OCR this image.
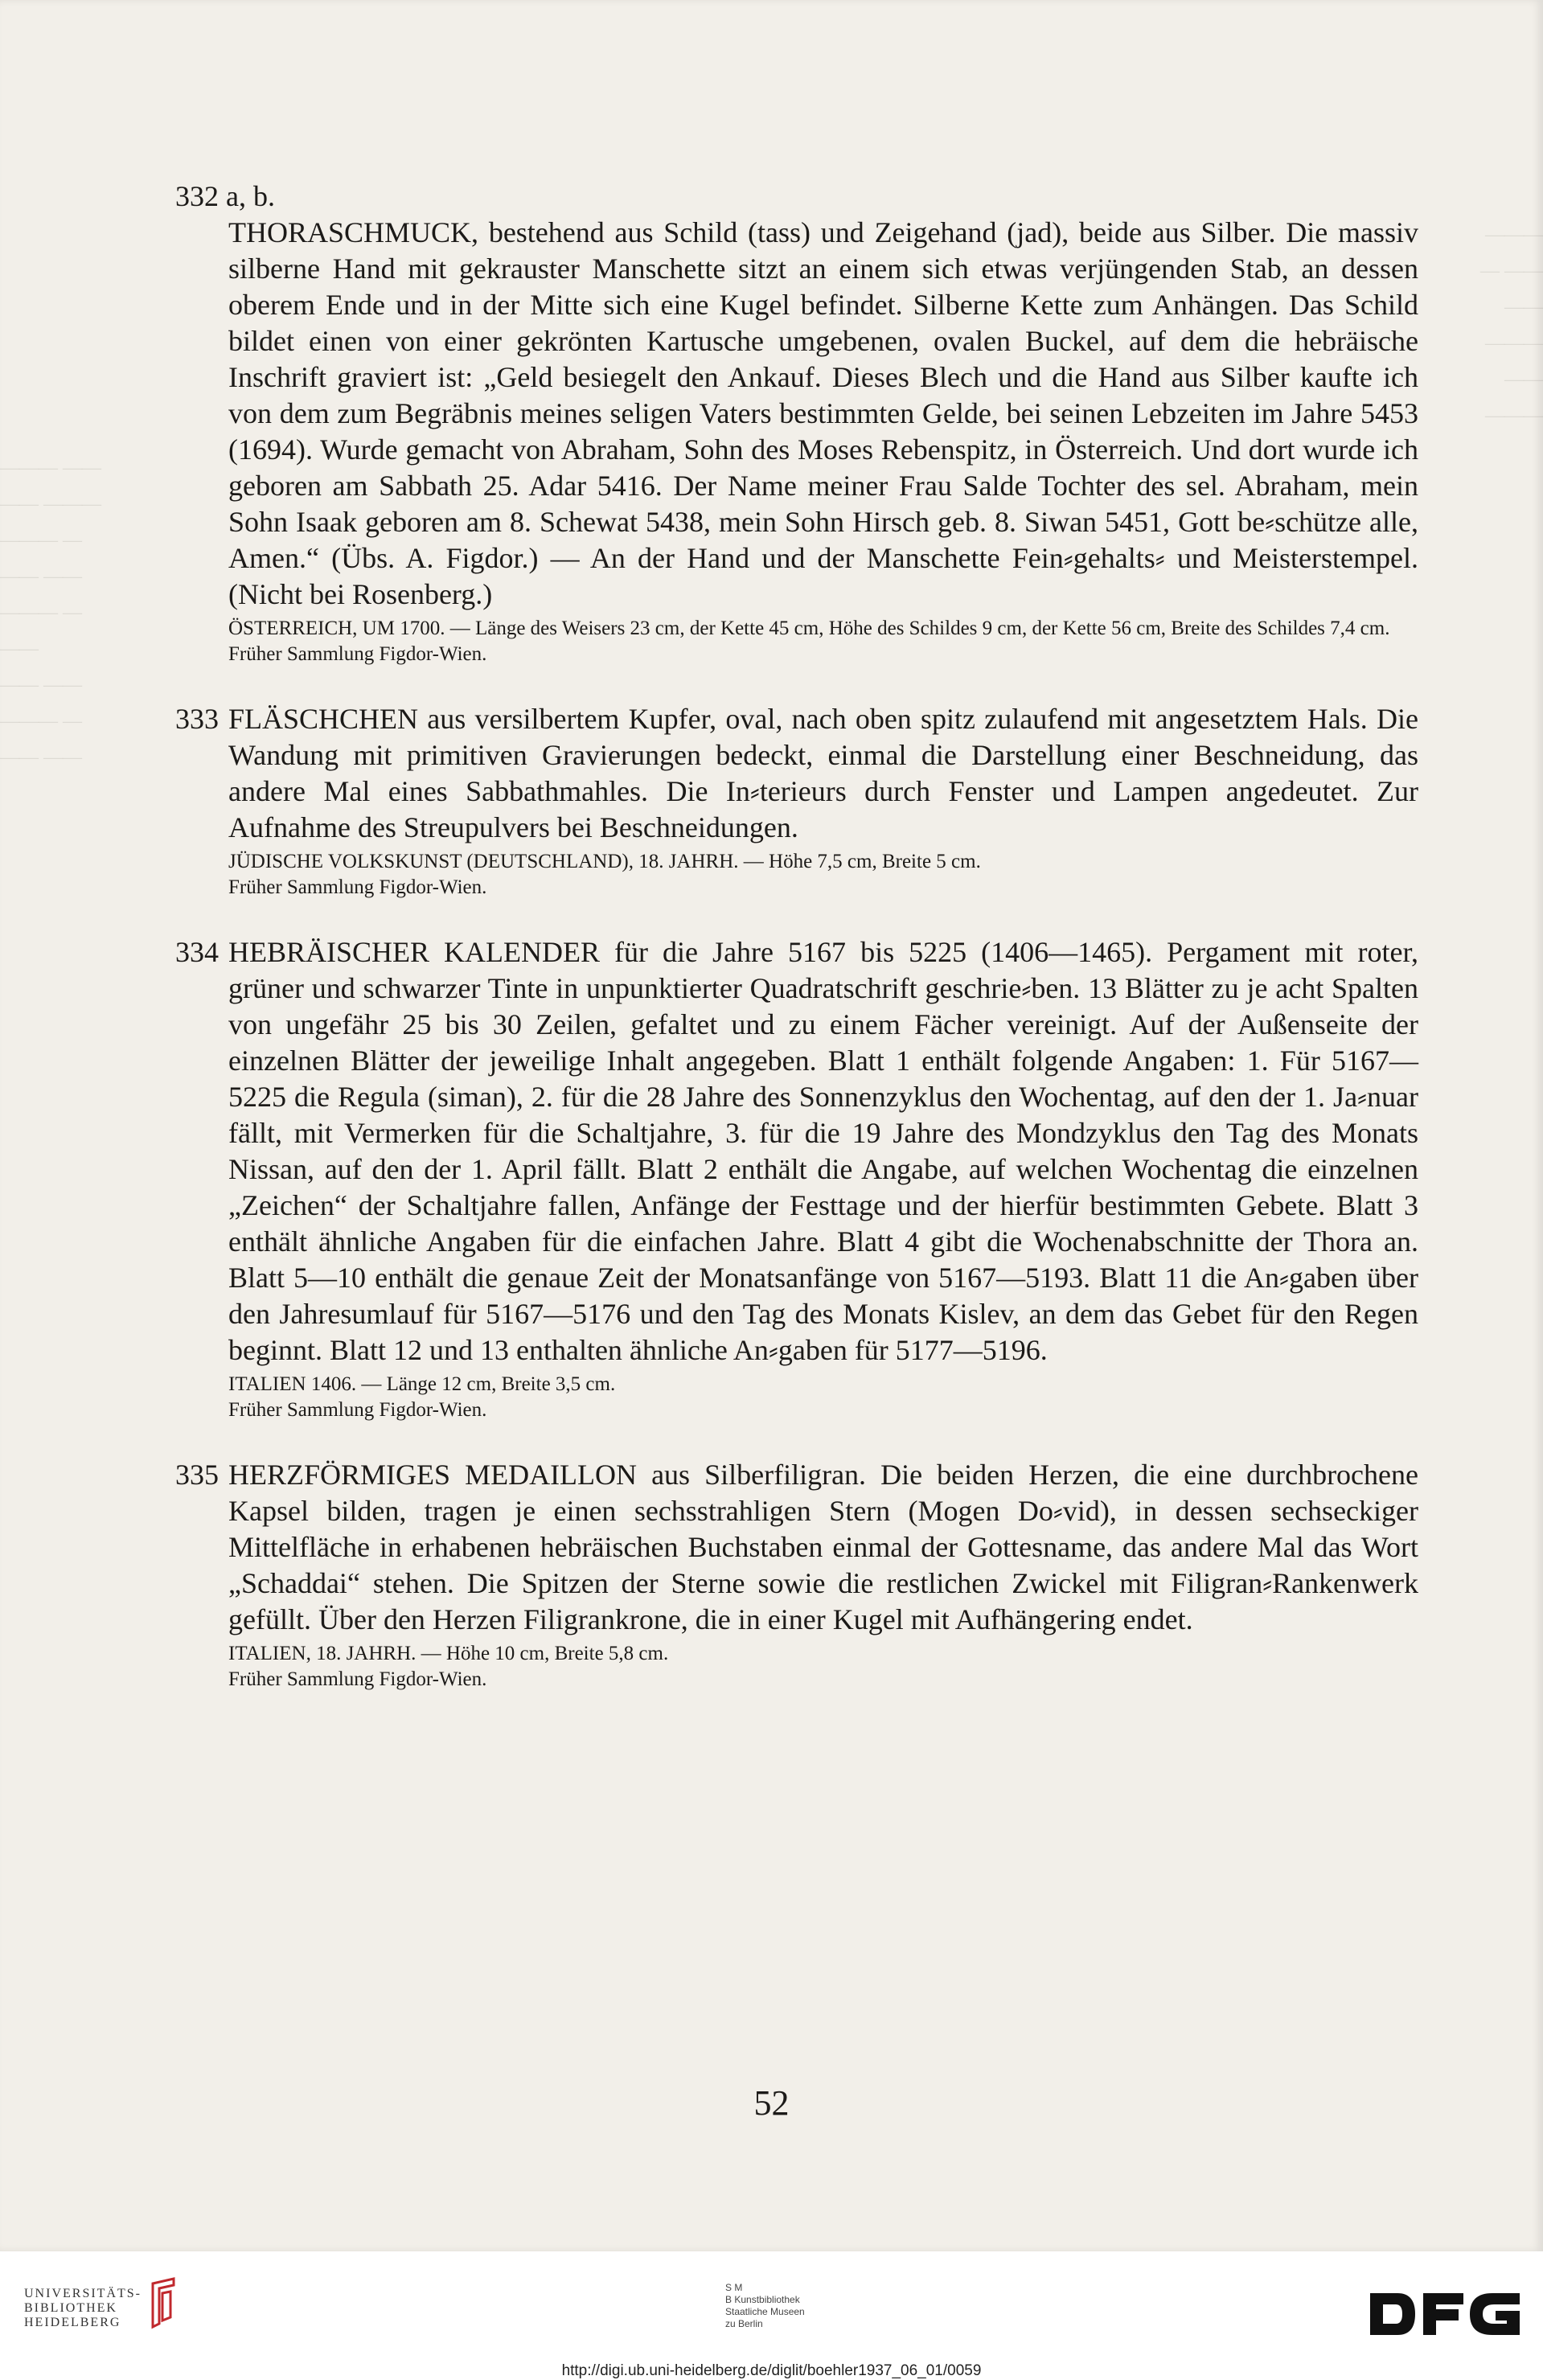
——— ——
—— ———
——— —
—— ——
——— —
——
—— ——
——— —
—— ——
———
— ——
——
———
——
———
332 a, b.
THORASCHMUCK, bestehend aus Schild (tass) und Zeigehand (jad), beide aus Silber. Die massiv silberne Hand mit gekrauster Manschette sitzt an einem sich etwas verjüngenden Stab, an dessen oberem Ende und in der Mitte sich eine Kugel befindet. Silberne Kette zum Anhängen. Das Schild bildet einen von einer gekrönten Kartusche umgebenen, ovalen Buckel, auf dem die hebräische Inschrift graviert ist: „Geld besiegelt den Ankauf. Dieses Blech und die Hand aus Silber kaufte ich von dem zum Begräbnis meines seligen Vaters bestimmten Gelde, bei seinen Lebzeiten im Jahre 5453 (1694). Wurde gemacht von Abraham, Sohn des Moses Rebenspitz, in Österreich. Und dort wurde ich geboren am Sabbath 25. Adar 5416. Der Name meiner Frau Salde Tochter des sel. Abraham, mein Sohn Isaak geboren am 8. Schewat 5438, mein Sohn Hirsch geb. 8. Siwan 5451, Gott be⸗schütze alle, Amen.“ (Übs. A. Figdor.) — An der Hand und der Manschette Fein⸗gehalts⸗ und Meisterstempel. (Nicht bei Rosenberg.)
ÖSTERREICH, UM 1700. — Länge des Weisers 23 cm, der Kette 45 cm, Höhe des Schildes 9 cm, der Kette 56 cm, Breite des Schildes 7,4 cm.
Früher Sammlung Figdor-Wien.
333 FLÄSCHCHEN aus versilbertem Kupfer, oval, nach oben spitz zulaufend mit angesetztem Hals. Die Wandung mit primitiven Gravierungen bedeckt, einmal die Darstellung einer Beschneidung, das andere Mal eines Sabbathmahles. Die In⸗terieurs durch Fenster und Lampen angedeutet. Zur Aufnahme des Streupulvers bei Beschneidungen.
JÜDISCHE VOLKSKUNST (DEUTSCHLAND), 18. JAHRH. — Höhe 7,5 cm, Breite 5 cm.
Früher Sammlung Figdor-Wien.
334 HEBRÄISCHER KALENDER für die Jahre 5167 bis 5225 (1406—1465). Pergament mit roter, grüner und schwarzer Tinte in unpunktierter Quadratschrift geschrie⸗ben. 13 Blätter zu je acht Spalten von ungefähr 25 bis 30 Zeilen, gefaltet und zu einem Fächer vereinigt. Auf der Außenseite der einzelnen Blätter der jeweilige Inhalt angegeben. Blatt 1 enthält folgende Angaben: 1. Für 5167—5225 die Regula (siman), 2. für die 28 Jahre des Sonnenzyklus den Wochentag, auf den der 1. Ja⸗nuar fällt, mit Vermerken für die Schaltjahre, 3. für die 19 Jahre des Mondzyklus den Tag des Monats Nissan, auf den der 1. April fällt. Blatt 2 enthält die Angabe, auf welchen Wochentag die einzelnen „Zeichen“ der Schaltjahre fallen, Anfänge der Festtage und der hierfür bestimmten Gebete. Blatt 3 enthält ähnliche Angaben für die einfachen Jahre. Blatt 4 gibt die Wochenabschnitte der Thora an. Blatt 5—10 enthält die genaue Zeit der Monatsanfänge von 5167—5193. Blatt 11 die An⸗gaben über den Jahresumlauf für 5167—5176 und den Tag des Monats Kislev, an dem das Gebet für den Regen beginnt. Blatt 12 und 13 enthalten ähnliche An⸗gaben für 5177—5196.
ITALIEN 1406. — Länge 12 cm, Breite 3,5 cm.
Früher Sammlung Figdor-Wien.
335 HERZFÖRMIGES MEDAILLON aus Silberfiligran. Die beiden Herzen, die eine durchbrochene Kapsel bilden, tragen je einen sechsstrahligen Stern (Mogen Do⸗vid), in dessen sechseckiger Mittelfläche in erhabenen hebräischen Buchstaben einmal der Gottesname, das andere Mal das Wort „Schaddai“ stehen. Die Spitzen der Sterne sowie die restlichen Zwickel mit Filigran⸗Rankenwerk gefüllt. Über den Herzen Filigrankrone, die in einer Kugel mit Aufhängering endet.
ITALIEN, 18. JAHRH. — Höhe 10 cm, Breite 5,8 cm.
Früher Sammlung Figdor-Wien.
52
UNIVERSITÄTS-
BIBLIOTHEK
HEIDELBERG
S M
B Kunstbibliothek
Staatliche Museen
zu Berlin
http://digi.ub.uni-heidelberg.de/diglit/boehler1937_06_01/0059
